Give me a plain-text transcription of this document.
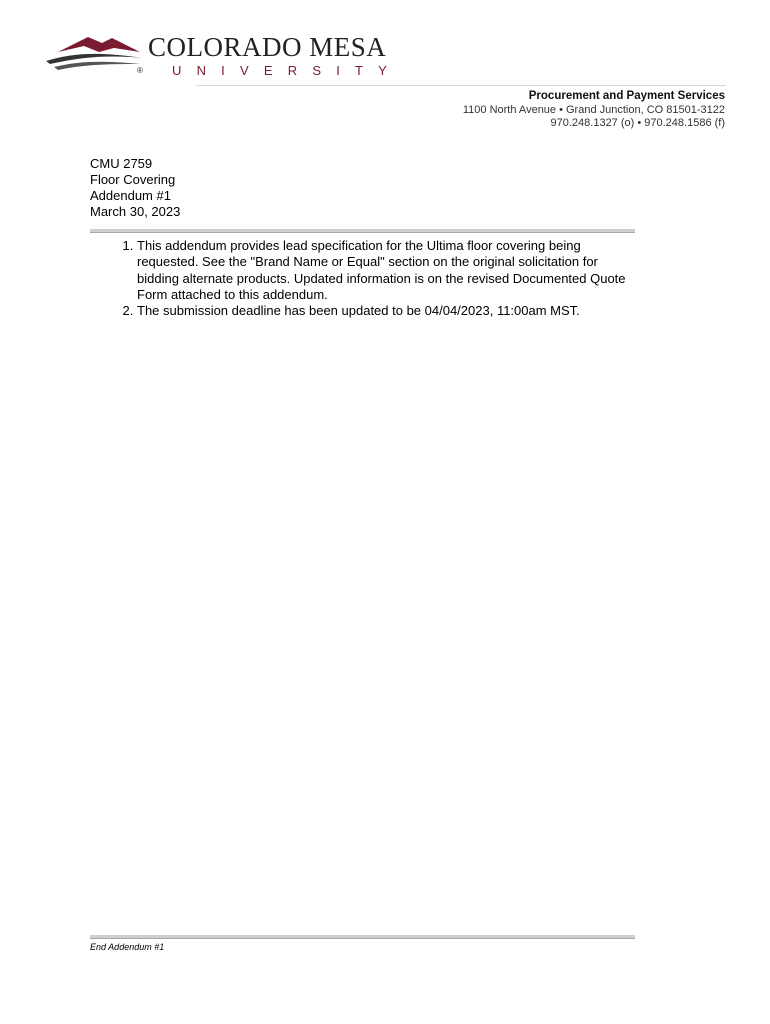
COLORADO MESA
® UNIVERSITY
Procurement and Payment Services
1100 North Avenue • Grand Junction, CO 81501-3122
970.248.1327 (o) • 970.248.1586 (f)
CMU 2759
Floor Covering
Addendum #1
March 30, 2023
1. This addendum provides lead specification for the Ultima floor covering being requested. See the "Brand Name or Equal" section on the original solicitation for bidding alternate products. Updated information is on the revised Documented Quote Form attached to this addendum.
2. The submission deadline has been updated to be 04/04/2023, 11:00am MST.
End Addendum #1
